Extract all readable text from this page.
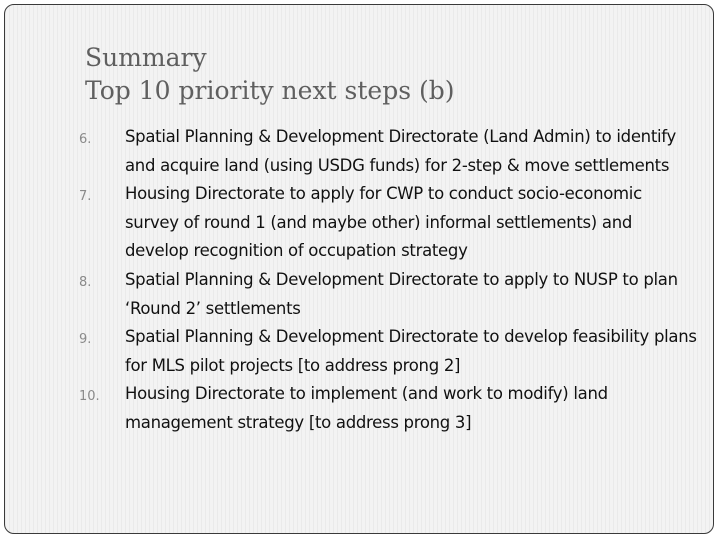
Summary
Top 10 priority next steps (b)
6.	Spatial Planning & Development Directorate (Land Admin) to identify and acquire land (using USDG funds) for 2-step & move settlements
7.	Housing Directorate to apply for CWP to conduct socio-economic survey of round 1 (and maybe other) informal settlements) and develop recognition of occupation strategy
8.	Spatial Planning & Development Directorate to apply to NUSP to plan ‘Round 2’ settlements
9.	Spatial Planning & Development Directorate to develop feasibility plans for MLS pilot projects [to address prong 2]
10.	Housing Directorate to implement (and work to modify) land management strategy [to address prong 3]
